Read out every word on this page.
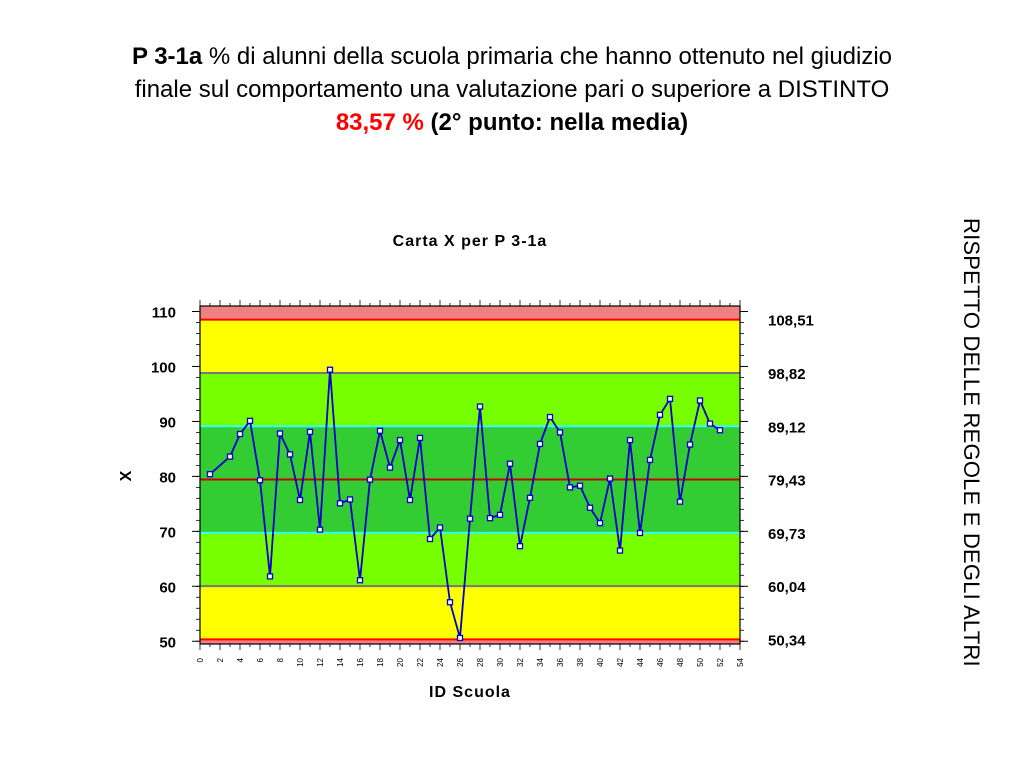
P 3-1a % di alunni della scuola primaria che hanno ottenuto nel giudizio
finale sul comportamento una valutazione pari o superiore a DISTINTO
83,57 % (2° punto: nella media)
Carta X per P 3-1a
50
60
70
80
90
100
110
0 2 4 6 8 10 12 14 16 18 20 22 24 26 28 30 32 34 36 38 40 42 44 46 48 50 52 54
108,51
98,82
89,12
79,43
69,73
60,04
50,34
X
ID Scuola
RISPETTO DELLE REGOLE E DEGLI ALTRI
